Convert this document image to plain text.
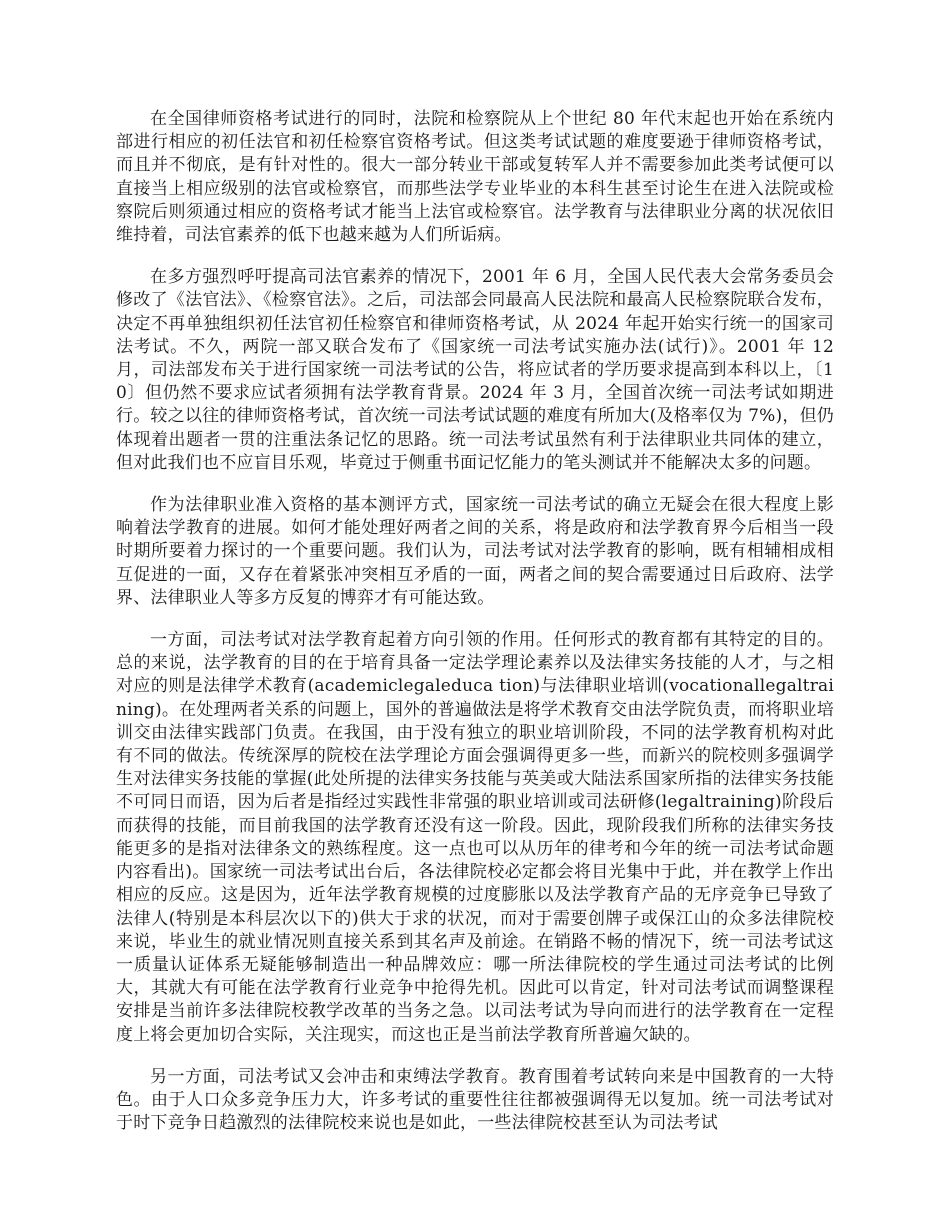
在全国律师资格考试进行的同时，法院和检察院从上个世纪 80 年代末起也开始在系统内部进行相应的初任法官和初任检察官资格考试。但这类考试试题的难度要逊于律师资格考试，而且并不彻底，是有针对性的。很大一部分转业干部或复转军人并不需要参加此类考试便可以直接当上相应级别的法官或检察官，而那些法学专业毕业的本科生甚至讨论生在进入法院或检察院后则须通过相应的资格考试才能当上法官或检察官。法学教育与法律职业分离的状况依旧维持着，司法官素养的低下也越来越为人们所诟病。

在多方强烈呼吁提高司法官素养的情况下，2001 年 6 月，全国人民代表大会常务委员会修改了《法官法》、《检察官法》。之后，司法部会同最高人民法院和最高人民检察院联合发布，决定不再单独组织初任法官初任检察官和律师资格考试，从 2024 年起开始实行统一的国家司法考试。不久，两院一部又联合发布了《国家统一司法考试实施办法(试行)》。2001 年 12 月，司法部发布关于进行国家统一司法考试的公告，将应试者的学历要求提高到本科以上，〔10〕但仍然不要求应试者须拥有法学教育背景。2024 年 3 月，全国首次统一司法考试如期进行。较之以往的律师资格考试，首次统一司法考试试题的难度有所加大(及格率仅为 7%)，但仍体现着出题者一贯的注重法条记忆的思路。统一司法考试虽然有利于法律职业共同体的建立，但对此我们也不应盲目乐观，毕竟过于侧重书面记忆能力的笔头测试并不能解决太多的问题。

作为法律职业准入资格的基本测评方式，国家统一司法考试的确立无疑会在很大程度上影响着法学教育的进展。如何才能处理好两者之间的关系，将是政府和法学教育界今后相当一段时期所要着力探讨的一个重要问题。我们认为，司法考试对法学教育的影响，既有相辅相成相互促进的一面，又存在着紧张冲突相互矛盾的一面，两者之间的契合需要通过日后政府、法学界、法律职业人等多方反复的博弈才有可能达致。

一方面，司法考试对法学教育起着方向引领的作用。任何形式的教育都有其特定的目的。总的来说，法学教育的目的在于培育具备一定法学理论素养以及法律实务技能的人才，与之相对应的则是法律学术教育(academiclegaleduca tion)与法律职业培训(vocationallegaltraining)。在处理两者关系的问题上，国外的普遍做法是将学术教育交由法学院负责，而将职业培训交由法律实践部门负责。在我国，由于没有独立的职业培训阶段，不同的法学教育机构对此有不同的做法。传统深厚的院校在法学理论方面会强调得更多一些，而新兴的院校则多强调学生对法律实务技能的掌握(此处所提的法律实务技能与英美或大陆法系国家所指的法律实务技能不可同日而语，因为后者是指经过实践性非常强的职业培训或司法研修(legaltraining)阶段后而获得的技能，而目前我国的法学教育还没有这一阶段。因此，现阶段我们所称的法律实务技能更多的是指对法律条文的熟练程度。这一点也可以从历年的律考和今年的统一司法考试命题内容看出)。国家统一司法考试出台后，各法律院校必定都会将目光集中于此，并在教学上作出相应的反应。这是因为，近年法学教育规模的过度膨胀以及法学教育产品的无序竞争已导致了法律人(特别是本科层次以下的)供大于求的状况，而对于需要创牌子或保江山的众多法律院校来说，毕业生的就业情况则直接关系到其名声及前途。在销路不畅的情况下，统一司法考试这一质量认证体系无疑能够制造出一种品牌效应：哪一所法律院校的学生通过司法考试的比例大，其就大有可能在法学教育行业竞争中抢得先机。因此可以肯定，针对司法考试而调整课程安排是当前许多法律院校教学改革的当务之急。以司法考试为导向而进行的法学教育在一定程度上将会更加切合实际，关注现实，而这也正是当前法学教育所普遍欠缺的。

另一方面，司法考试又会冲击和束缚法学教育。教育围着考试转向来是中国教育的一大特色。由于人口众多竞争压力大，许多考试的重要性往往都被强调得无以复加。统一司法考试对于时下竞争日趋激烈的法律院校来说也是如此，一些法律院校甚至认为司法考试
